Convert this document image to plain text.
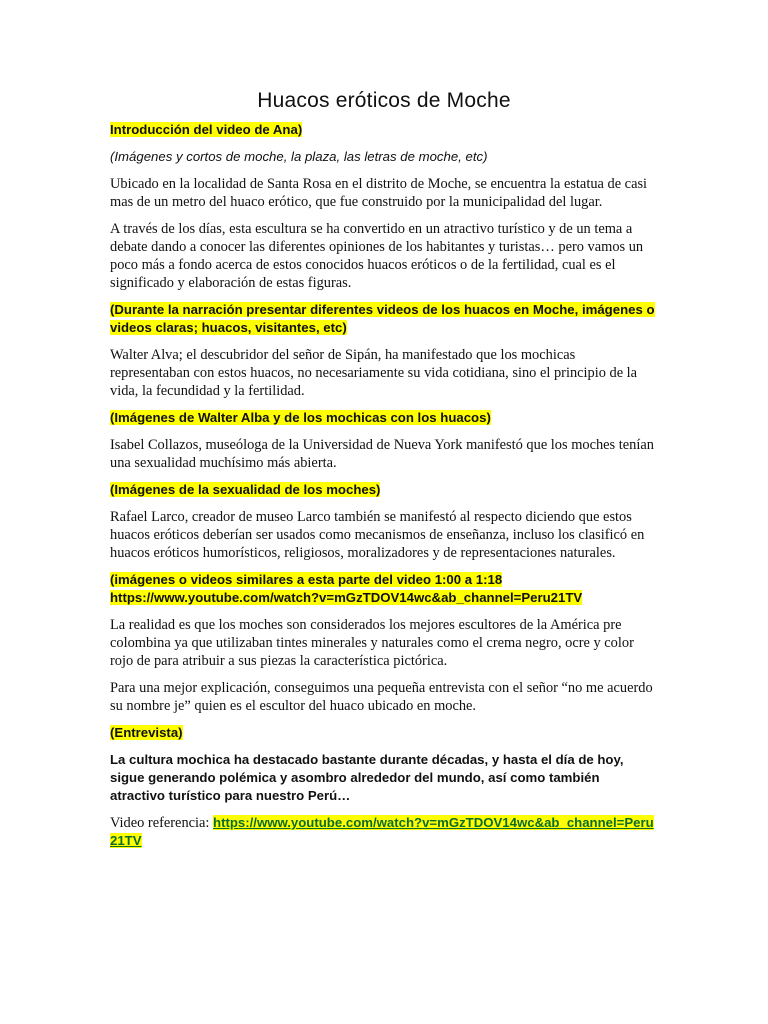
Huacos eróticos de Moche

Introducción del video de Ana)

(Imágenes y cortos de moche, la plaza, las letras de moche, etc)

Ubicado en la localidad de Santa Rosa en el distrito de Moche, se encuentra la estatua de casi mas de un metro del huaco erótico, que fue construido por la municipalidad del lugar.

A través de los días, esta escultura se ha convertido en un atractivo turístico y de un tema a debate dando a conocer las diferentes opiniones de los habitantes y turistas… pero vamos un poco más a fondo acerca de estos conocidos huacos eróticos o de la fertilidad, cual es el significado y elaboración de estas figuras.

(Durante la narración presentar diferentes videos de los huacos en Moche, imágenes o videos claras; huacos, visitantes, etc)

Walter Alva; el descubridor del señor de Sipán, ha manifestado que los mochicas representaban con estos huacos, no necesariamente su vida cotidiana, sino el principio de la vida, la fecundidad y la fertilidad.

(Imágenes de Walter Alba y de los mochicas con los huacos)

Isabel Collazos, museóloga de la Universidad de Nueva York manifestó que los moches tenían una sexualidad muchísimo más abierta.

(Imágenes de la sexualidad de los moches)

Rafael Larco, creador de museo Larco también se manifestó al respecto diciendo que estos huacos eróticos deberían ser usados como mecanismos de enseñanza, incluso los clasificó en huacos eróticos humorísticos, religiosos, moralizadores y de representaciones naturales.

(imágenes o videos similares a esta parte del video 1:00 a 1:18 https://www.youtube.com/watch?v=mGzTDOV14wc&ab_channel=Peru21TV

La realidad es que los moches son considerados los mejores escultores de la América pre colombina ya que utilizaban tintes minerales y naturales como el crema negro, ocre y color rojo de para atribuir a sus piezas la característica pictórica.

Para una mejor explicación, conseguimos una pequeña entrevista con el señor “no me acuerdo su nombre je” quien es el escultor del huaco ubicado en moche.

(Entrevista)

La cultura mochica ha destacado bastante durante décadas, y hasta el día de hoy, sigue generando polémica y asombro alrededor del mundo, así como también atractivo turístico para nuestro Perú…

Video referencia: https://www.youtube.com/watch?v=mGzTDOV14wc&ab_channel=Peru21TV
